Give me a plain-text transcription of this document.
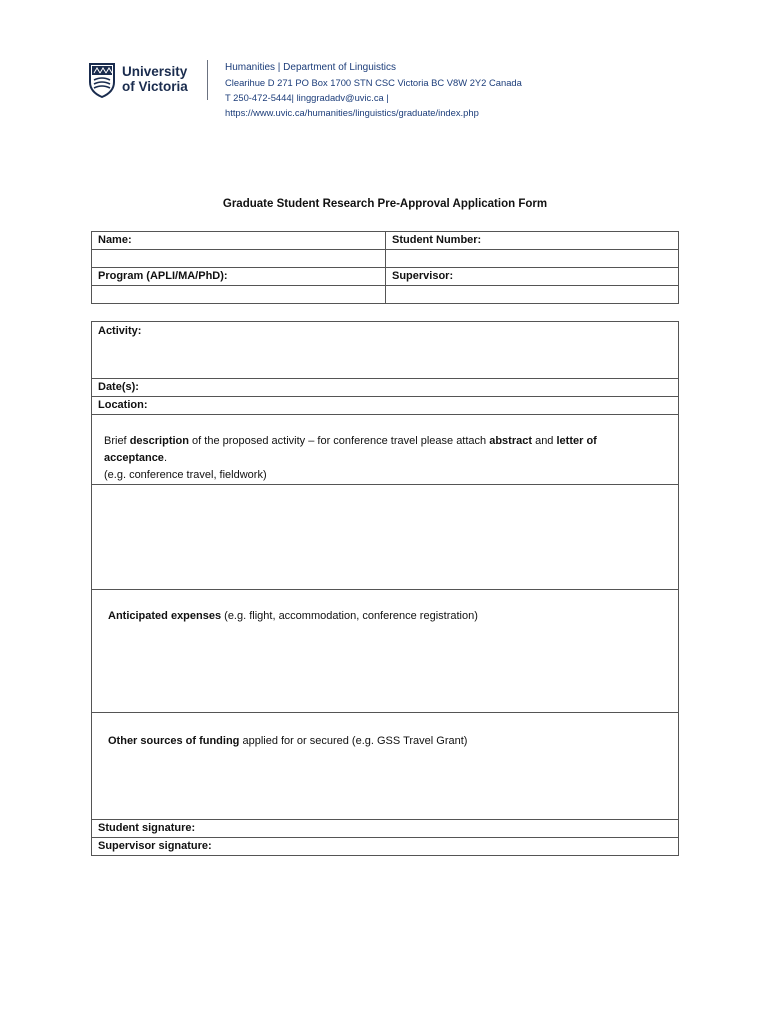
University
of Victoria
Humanities | Department of Linguistics
Clearihue D 271 PO Box 1700 STN CSC Victoria BC V8W 2Y2 Canada
T 250-472-5444| linggradadv@uvic.ca |
https://www.uvic.ca/humanities/linguistics/graduate/index.php
Graduate Student Research Pre-Approval Application Form
Name:	Student Number:

Program (APLI/MA/PhD):	Supervisor:

Activity:
Date(s):
Location:
Brief description of the proposed activity – for conference travel please attach abstract and letter of acceptance.
(e.g. conference travel, fieldwork)

Anticipated expenses (e.g. flight, accommodation, conference registration)
Other sources of funding applied for or secured (e.g. GSS Travel Grant)
Student signature:
Supervisor signature:
